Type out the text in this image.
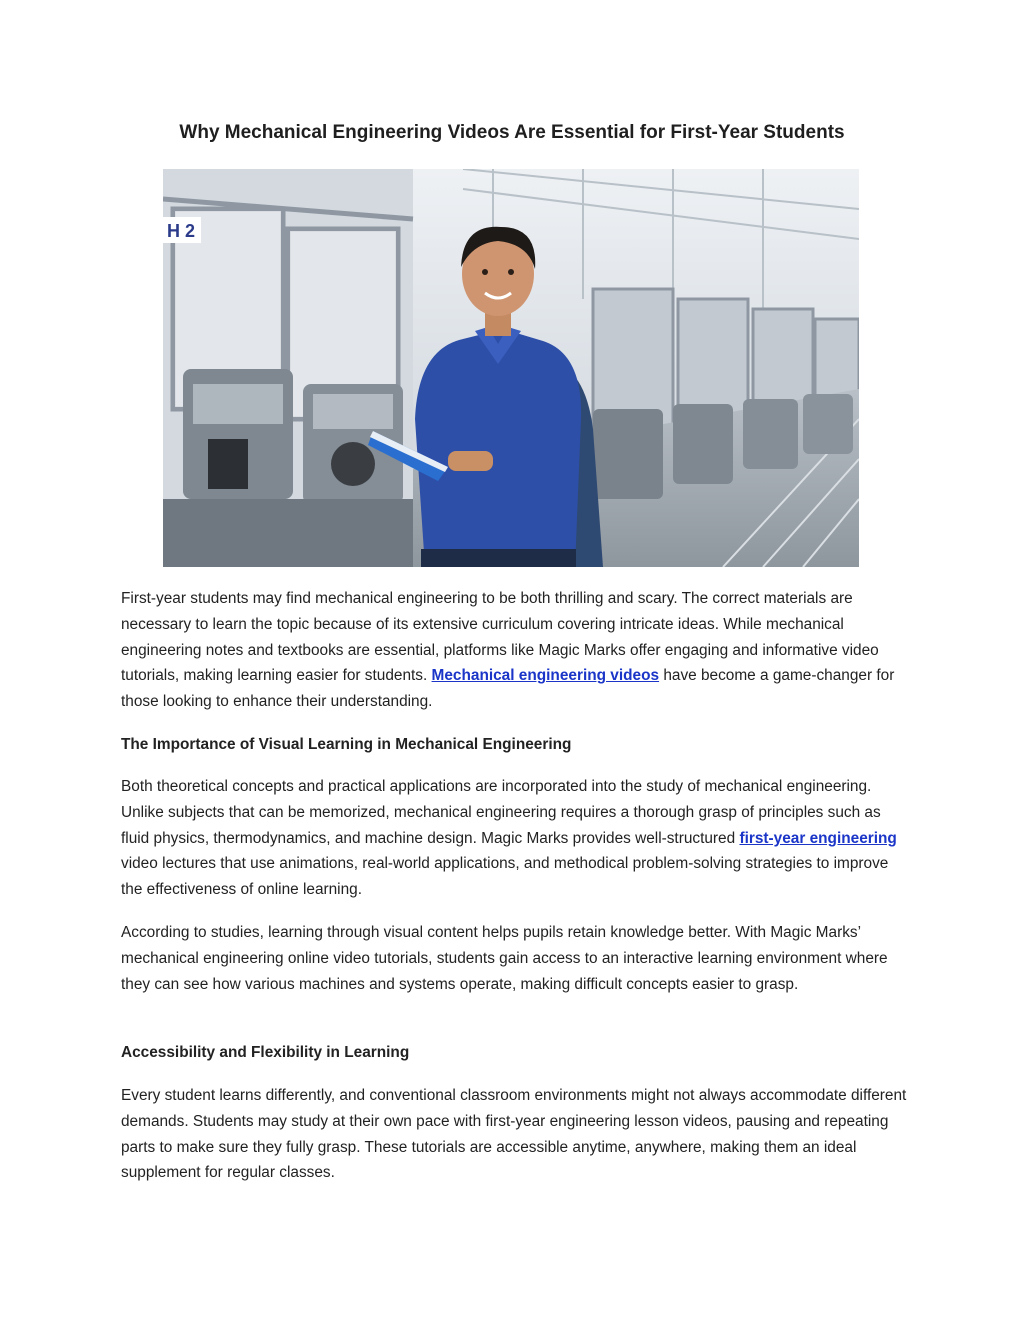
Why Mechanical Engineering Videos Are Essential for First-Year Students
H 2

First-year students may find mechanical engineering to be both thrilling and scary. The correct materials are necessary to learn the topic because of its extensive curriculum covering intricate ideas. While mechanical engineering notes and textbooks are essential, platforms like Magic Marks offer engaging and informative video tutorials, making learning easier for students. Mechanical engineering videos have become a game-changer for those looking to enhance their understanding.

The Importance of Visual Learning in Mechanical Engineering

Both theoretical concepts and practical applications are incorporated into the study of mechanical engineering. Unlike subjects that can be memorized, mechanical engineering requires a thorough grasp of principles such as fluid physics, thermodynamics, and machine design. Magic Marks provides well-structured first-year engineering video lectures that use animations, real-world applications, and methodical problem-solving strategies to improve the effectiveness of online learning.

According to studies, learning through visual content helps pupils retain knowledge better. With Magic Marks’ mechanical engineering online video tutorials, students gain access to an interactive learning environment where they can see how various machines and systems operate, making difficult concepts easier to grasp.
Accessibility and Flexibility in Learning
Every student learns differently, and conventional classroom environments might not always accommodate different demands. Students may study at their own pace with first-year engineering lesson videos, pausing and repeating parts to make sure they fully grasp. These tutorials are accessible anytime, anywhere, making them an ideal supplement for regular classes.
